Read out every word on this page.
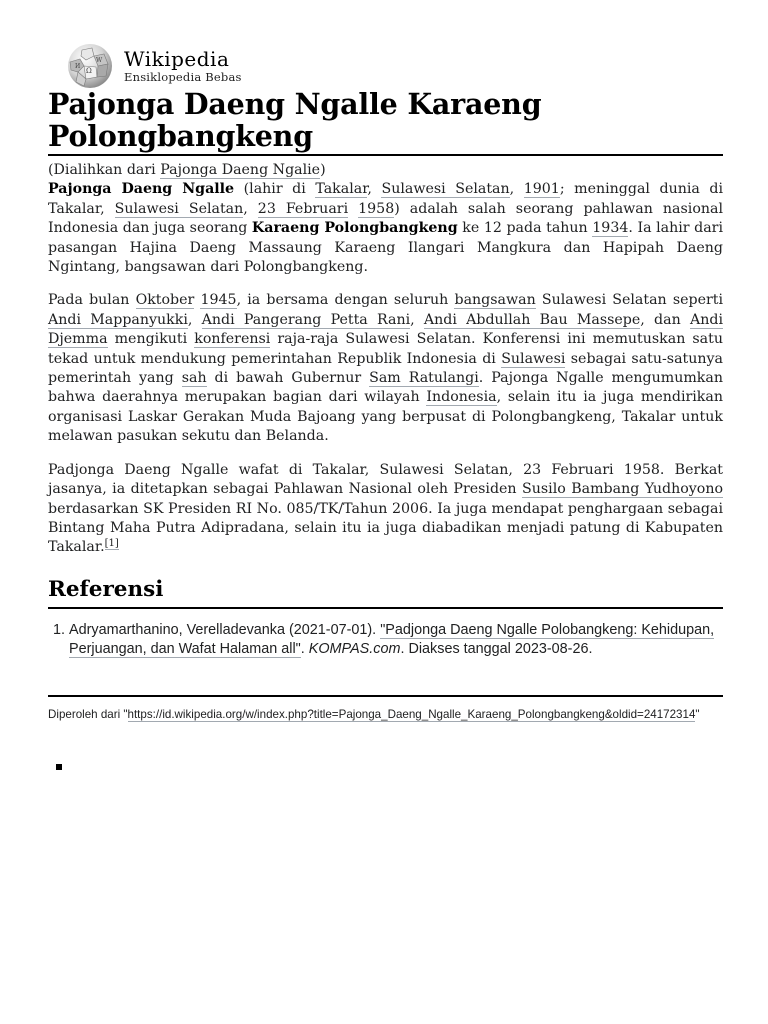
Ω
W
И Wikipedia
Ensiklopedia Bebas
Pajonga Daeng Ngalle Karaeng Polongbangkeng
(Dialihkan dari Pajonga Daeng Ngalie)

Pajonga Daeng Ngalle (lahir di Takalar, Sulawesi Selatan, 1901; meninggal dunia di Takalar, Sulawesi Selatan, 23 Februari 1958) adalah salah seorang pahlawan nasional Indonesia dan juga seorang Karaeng Polongbangkeng ke 12 pada tahun 1934. Ia lahir dari pasangan Hajina Daeng Massaung Karaeng Ilangari Mangkura dan Hapipah Daeng Ngintang, bangsawan dari Polongbangkeng.

Pada bulan Oktober 1945, ia bersama dengan seluruh bangsawan Sulawesi Selatan seperti Andi Mappanyukki, Andi Pangerang Petta Rani, Andi Abdullah Bau Massepe, dan Andi Djemma mengikuti konferensi raja-raja Sulawesi Selatan. Konferensi ini memutuskan satu tekad untuk mendukung pemerintahan Republik Indonesia di Sulawesi sebagai satu-satunya pemerintah yang sah di bawah Gubernur Sam Ratulangi. Pajonga Ngalle mengumumkan bahwa daerahnya merupakan bagian dari wilayah Indonesia, selain itu ia juga mendirikan organisasi Laskar Gerakan Muda Bajoang yang berpusat di Polongbangkeng, Takalar untuk melawan pasukan sekutu dan Belanda.

Padjonga Daeng Ngalle wafat di Takalar, Sulawesi Selatan, 23 Februari 1958. Berkat jasanya, ia ditetapkan sebagai Pahlawan Nasional oleh Presiden Susilo Bambang Yudhoyono berdasarkan SK Presiden RI No. 085/TK/Tahun 2006. Ia juga mendapat penghargaan sebagai Bintang Maha Putra Adipradana, selain itu ia juga diabadikan menjadi patung di Kabupaten Takalar.[1]

Referensi
1. Adryamarthanino, Verelladevanka (2021-07-01). "Padjonga Daeng Ngalle Polobangkeng: Kehidupan, Perjuangan, dan Wafat Halaman all". KOMPAS.com. Diakses tanggal 2023-08-26.
Diperoleh dari "https://id.wikipedia.org/w/index.php?title=Pajonga_Daeng_Ngalle_Karaeng_Polongbangkeng&oldid=24172314"
